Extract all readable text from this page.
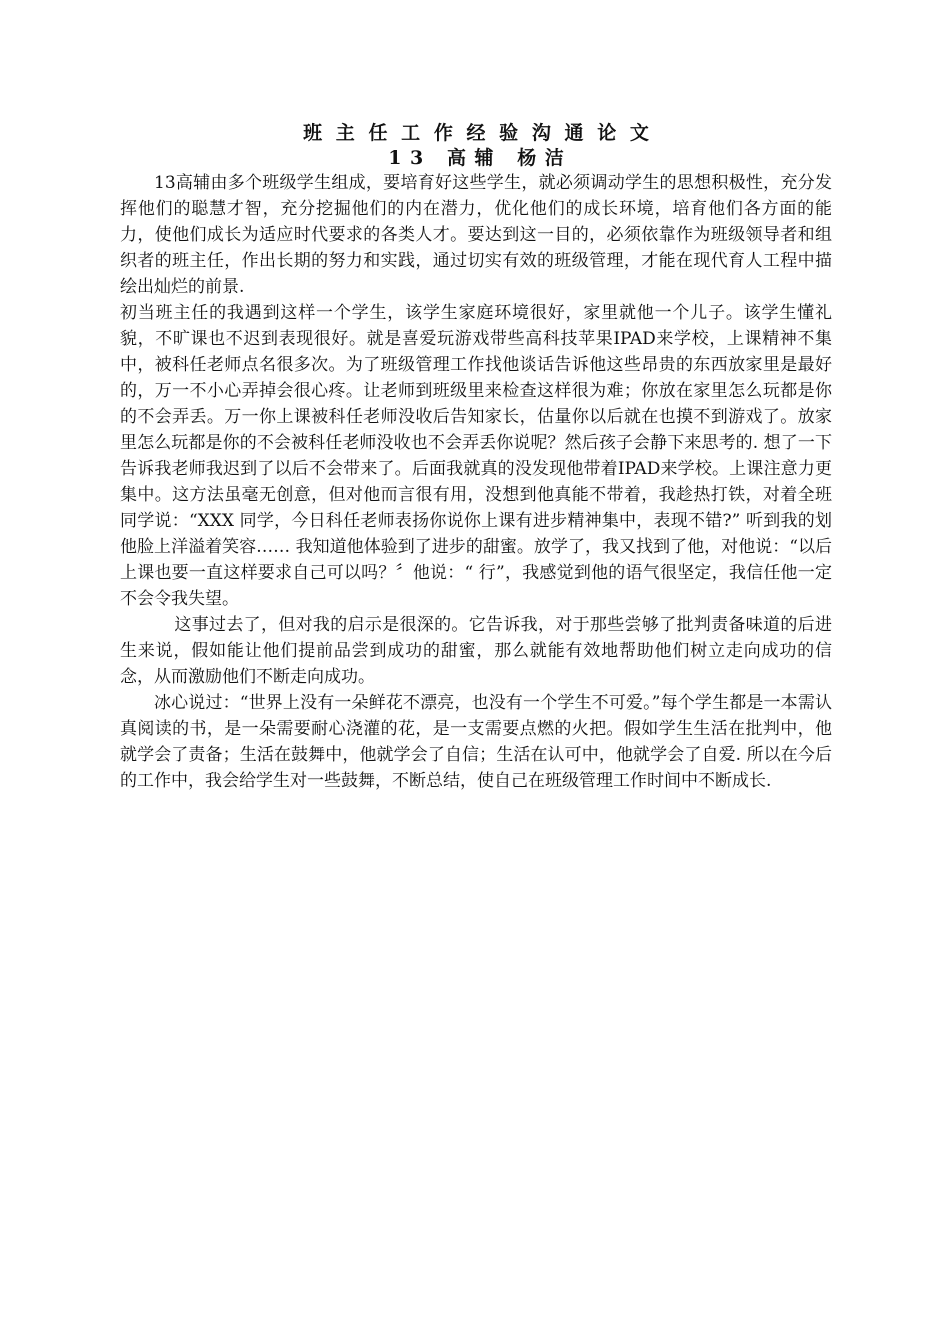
班主任工作经验沟通论文
13 高辅 杨洁

13高辅由多个班级学生组成，要培育好这些学生，就必须调动学生的思想积极性，充分发挥他们的聪慧才智，充分挖掘他们的内在潜力，优化他们的成长环境，培育他们各方面的能力，使他们成长为适应时代要求的各类人才。要达到这一目的，必须依靠作为班级领导者和组织者的班主任，作出长期的努力和实践，通过切实有效的班级管理，才能在现代育人工程中描绘出灿烂的前景.

初当班主任的我遇到这样一个学生，该学生家庭环境很好，家里就他一个儿子。该学生懂礼貌，不旷课也不迟到表现很好。就是喜爱玩游戏带些高科技苹果IPAD来学校，上课精神不集中，被科任老师点名很多次。为了班级管理工作找他谈话告诉他这些昂贵的东西放家里是最好的，万一不小心弄掉会很心疼。让老师到班级里来检查这样很为难；你放在家里怎么玩都是你的不会弄丢。万一你上课被科任老师没收后告知家长，估量你以后就在也摸不到游戏了。放家里怎么玩都是你的不会被科任老师没收也不会弄丢你说呢？然后孩子会静下来思考的. 想了一下告诉我老师我迟到了以后不会带来了。后面我就真的没发现他带着IPAD来学校。上课注意力更集中。这方法虽毫无创意，但对他而言很有用，没想到他真能不带着，我趁热打铁，对着全班同学说：“XXX 同学，今日科任老师表扬你说你上课有进步精神集中，表现不错?” 听到我的划他脸上洋溢着笑容…… 我知道他体验到了进步的甜蜜。放学了，我又找到了他，对他说：“以后上课也要一直这样要求自己可以吗？〞他说：“ 行”，我感觉到他的语气很坚定，我信任他一定不会令我失望。

这事过去了，但对我的启示是很深的。它告诉我，对于那些尝够了批判责备味道的后进生来说，假如能让他们提前品尝到成功的甜蜜，那么就能有效地帮助他们树立走向成功的信念，从而激励他们不断走向成功。

冰心说过：“世界上没有一朵鲜花不漂亮，也没有一个学生不可爱。”每个学生都是一本需认真阅读的书，是一朵需要耐心浇灌的花，是一支需要点燃的火把。假如学生生活在批判中，他就学会了责备；生活在鼓舞中，他就学会了自信；生活在认可中，他就学会了自爱. 所以在今后的工作中，我会给学生对一些鼓舞，不断总结，使自己在班级管理工作时间中不断成长.
